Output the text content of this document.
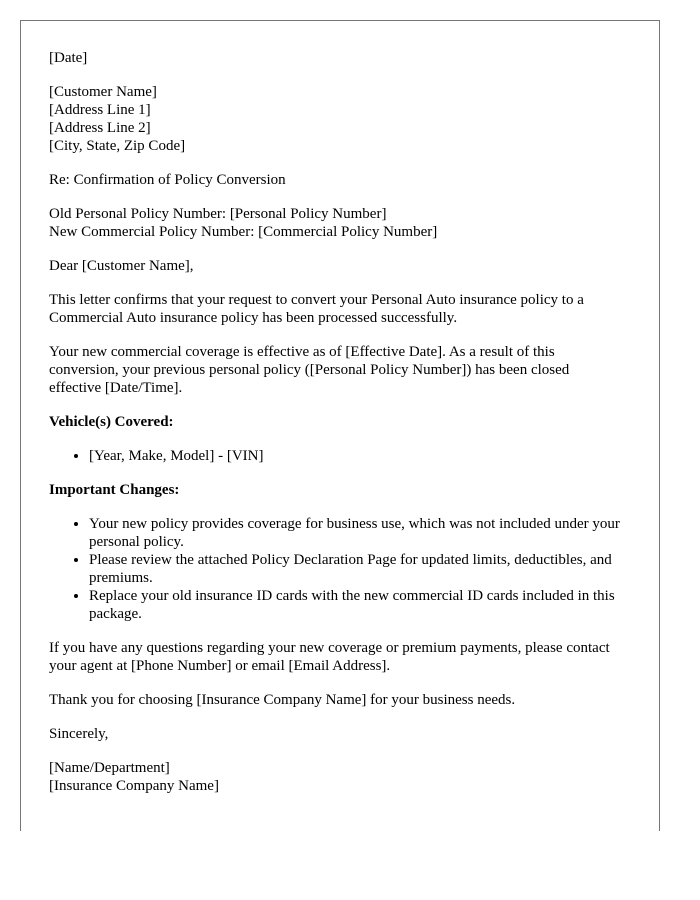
[Date]
[Customer Name]
[Address Line 1]
[Address Line 2]
[City, State, Zip Code]

Re: Confirmation of Policy Conversion

Old Personal Policy Number: [Personal Policy Number]
New Commercial Policy Number: [Commercial Policy Number]

Dear [Customer Name],

This letter confirms that your request to convert your Personal Auto insurance policy to a Commercial Auto insurance policy has been processed successfully.

Your new commercial coverage is effective as of [Effective Date]. As a result of this conversion, your previous personal policy ([Personal Policy Number]) has been closed effective [Date/Time].

Vehicle(s) Covered:
• [Year, Make, Model] - [VIN]
Important Changes:
• Your new policy provides coverage for business use, which was not included under your personal policy.
• Please review the attached Policy Declaration Page for updated limits, deductibles, and premiums.
• Replace your old insurance ID cards with the new commercial ID cards included in this package.

If you have any questions regarding your new coverage or premium payments, please contact your agent at [Phone Number] or email [Email Address].

Thank you for choosing [Insurance Company Name] for your business needs.

Sincerely,

[Name/Department]
[Insurance Company Name]
